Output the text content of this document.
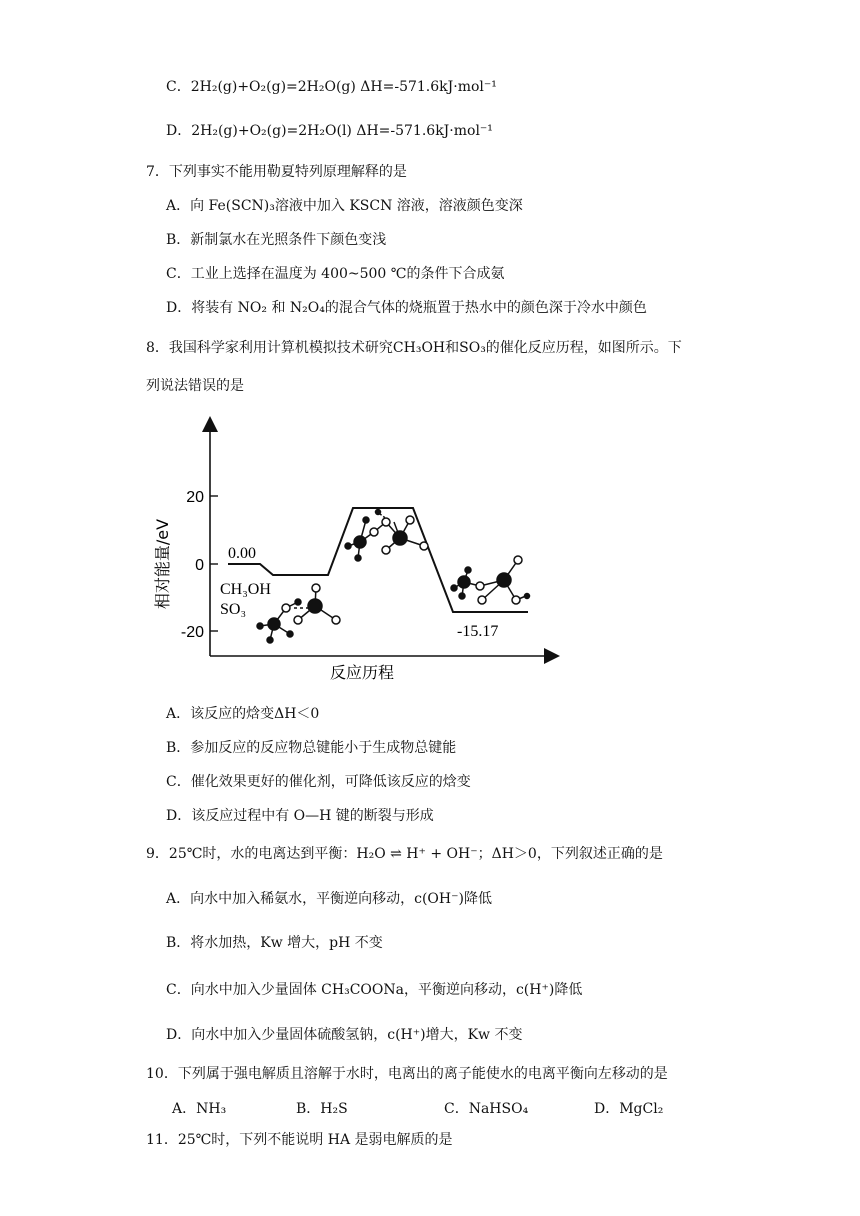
C．2H₂(g)+O₂(g)=2H₂O(g) ΔH=-571.6kJ·mol⁻¹
D．2H₂(g)+O₂(g)=2H₂O(l) ΔH=-571.6kJ·mol⁻¹
7．下列事实不能用勒夏特列原理解释的是
A．向 Fe(SCN)₃溶液中加入 KSCN 溶液，溶液颜色变深
B．新制氯水在光照条件下颜色变浅
C．工业上选择在温度为 400~500 ℃的条件下合成氨
D．将装有 NO₂ 和 N₂O₄的混合气体的烧瓶置于热水中的颜色深于冷水中颜色
8．我国科学家利用计算机模拟技术研究CH₃OH和SO₃的催化反应历程，如图所示。下
列说法错误的是
20
0
-20
相对能量/eV
反应历程
0.00
-15.17
CH₃OH
SO₃
A．该反应的焓变ΔH＜0
B．参加反应的反应物总键能小于生成物总键能
C．催化效果更好的催化剂，可降低该反应的焓变
D．该反应过程中有 O—H 键的断裂与形成
9．25℃时，水的电离达到平衡：H₂O ⇌ H⁺ + OH⁻；ΔH＞0，下列叙述正确的是
A．向水中加入稀氨水，平衡逆向移动，c(OH⁻)降低
B．将水加热，Kw 增大，pH 不变
C．向水中加入少量固体 CH₃COONa，平衡逆向移动，c(H⁺)降低
D．向水中加入少量固体硫酸氢钠，c(H⁺)增大，Kw 不变
10．下列属于强电解质且溶解于水时，电离出的离子能使水的电离平衡向左移动的是
A．NH₃	B．H₂S	C．NaHSO₄	D．MgCl₂
11．25℃时，下列不能说明 HA 是弱电解质的是
